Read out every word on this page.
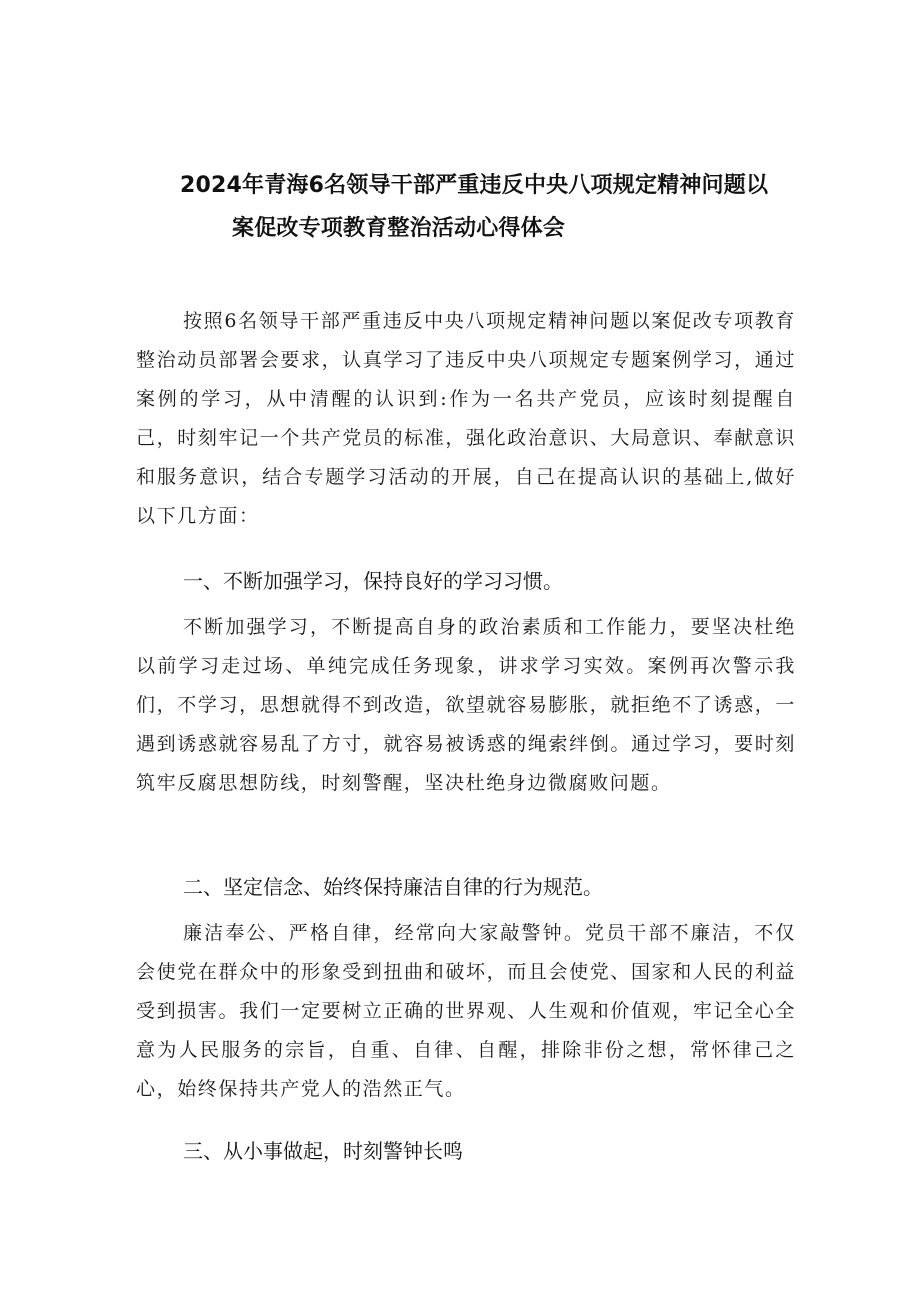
2024年青海6名领导干部严重违反中央八项规定精神问题以
案促改专项教育整治活动心得体会

按照6名领导干部严重违反中央八项规定精神问题以案促改专项教育整治动员部署会要求，认真学习了违反中央八项规定专题案例学习，通过案例的学习，从中清醒的认识到:作为一名共产党员，应该时刻提醒自己，时刻牢记一个共产党员的标准，强化政治意识、大局意识、奉献意识和服务意识，结合专题学习活动的开展，自己在提高认识的基础上,做好以下几方面：

一、不断加强学习，保持良好的学习习惯。

不断加强学习，不断提高自身的政治素质和工作能力，要坚决杜绝以前学习走过场、单纯完成任务现象，讲求学习实效。案例再次警示我们，不学习，思想就得不到改造，欲望就容易膨胀，就拒绝不了诱惑，一遇到诱惑就容易乱了方寸，就容易被诱惑的绳索绊倒。通过学习，要时刻筑牢反腐思想防线，时刻警醒，坚决杜绝身边微腐败问题。

二、坚定信念、始终保持廉洁自律的行为规范。

廉洁奉公、严格自律，经常向大家敲警钟。党员干部不廉洁，不仅会使党在群众中的形象受到扭曲和破坏，而且会使党、国家和人民的利益受到损害。我们一定要树立正确的世界观、人生观和价值观，牢记全心全意为人民服务的宗旨，自重、自律、自醒，排除非份之想，常怀律己之心，始终保持共产党人的浩然正气。

三、从小事做起，时刻警钟长鸣
